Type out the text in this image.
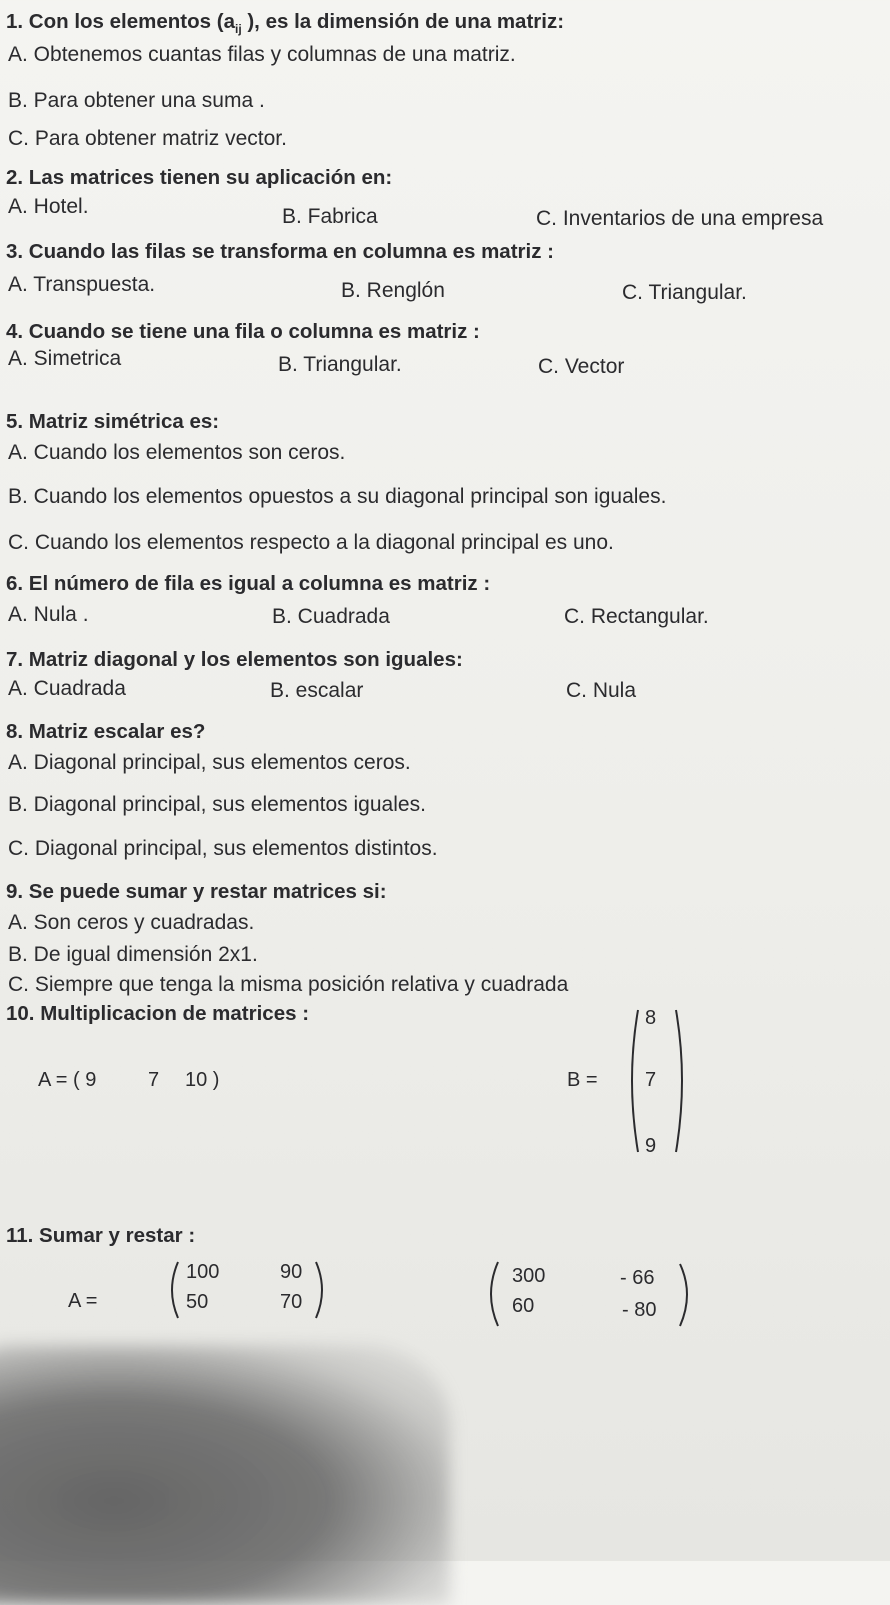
1. Con los elementos ($a_{ij}$ ), es la dimensión de una matriz:
A. Obtenemos cuantas filas y columnas de una matriz.
B. Para obtener una suma .
C. Para obtener matriz vector.
2. Las matrices tienen su aplicación en:
A. Hotel.	B. Fabrica	C. Inventarios de una empresa
3. Cuando las filas se transforma en columna es matriz :
A. Transpuesta.	B. Renglón	C. Triangular.
4. Cuando se tiene una fila o columna es matriz :
A. Simetrica	B. Triangular.	C. Vector
5. Matriz simétrica es:
A. Cuando los elementos son ceros.
B. Cuando los elementos opuestos a su diagonal principal son iguales.
C. Cuando los elementos respecto a la diagonal principal es uno.
6. El número de fila es igual a columna es matriz :
A. Nula .	B. Cuadrada	C. Rectangular.
7. Matriz diagonal y los elementos son iguales:
A. Cuadrada	B. escalar	C. Nula
8. Matriz escalar es?
A. Diagonal principal, sus elementos ceros.
B. Diagonal principal, sus elementos iguales.
C. Diagonal principal, sus elementos distintos.
9. Se puede sumar y restar matrices si:
A. Son ceros y cuadradas.
B. De igual dimensión 2x1.
C. Siempre que tenga la misma posición relativa y cuadrada
10. Multiplicacion de matrices :
A = ( 9	7 10 )	B =
8
7
9
11. Sumar y restar :
A =
100	90
50	70
300	- 66
60	- 80
